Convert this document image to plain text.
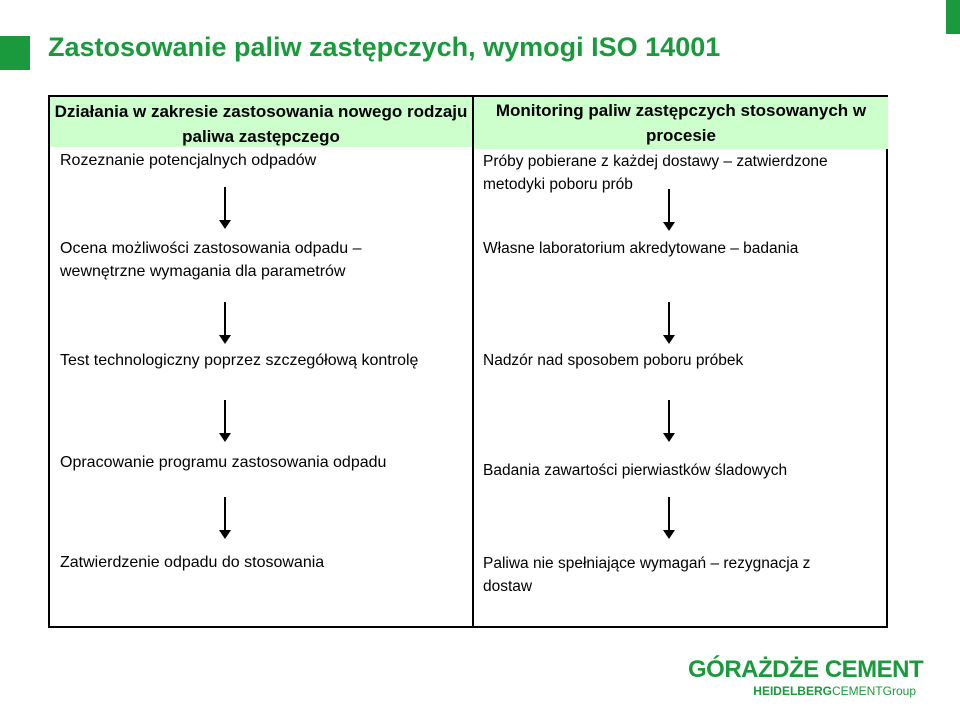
Zastosowanie paliw zastępczych, wymogi ISO 14001
Działania w zakresie zastosowania nowego rodzaju paliwa zastępczego
Monitoring paliw zastępczych stosowanych w procesie
Rozeznanie potencjalnych odpadów
Ocena możliwości zastosowania odpadu – wewnętrzne wymagania dla parametrów
Test technologiczny poprzez szczegółową kontrolę
Opracowanie programu zastosowania odpadu
Zatwierdzenie odpadu do stosowania
Próby pobierane z każdej dostawy – zatwierdzone metodyki poboru prób
Własne laboratorium akredytowane – badania
Nadzór nad sposobem poboru próbek
Badania zawartości pierwiastków śladowych
Paliwa nie spełniające wymagań – rezygnacja z dostaw
GÓRAŻDŻE CEMENT
HEIDELBERGCEMENTGroup
